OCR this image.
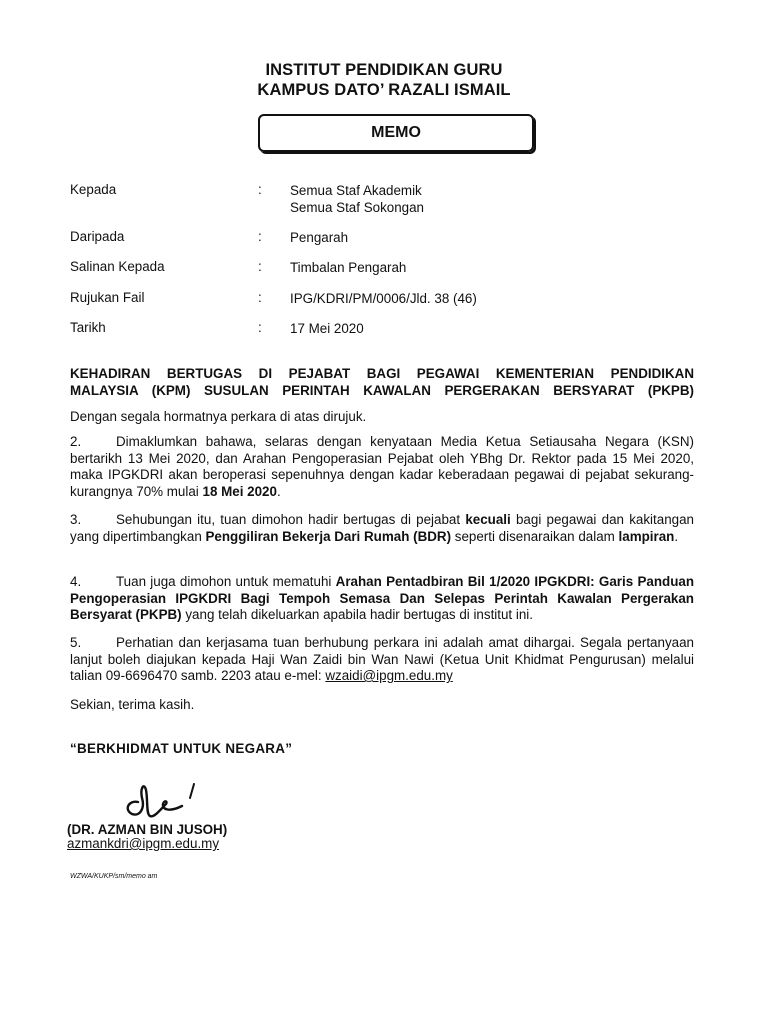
INSTITUT PENDIDIKAN GURU
KAMPUS DATO’ RAZALI ISMAIL
MEMO
Kepada	: Semua Staf Akademik
Semua Staf Sokongan
Daripada	: Pengarah
Salinan Kepada	: Timbalan Pengarah
Rujukan Fail	: IPG/KDRI/PM/0006/Jld. 38 (46)
Tarikh	: 17 Mei 2020
KEHADIRAN BERTUGAS DI PEJABAT BAGI PEGAWAI KEMENTERIAN PENDIDIKAN
MALAYSIA (KPM) SUSULAN PERINTAH KAWALAN PERGERAKAN BERSYARAT (PKPB)
Dengan segala hormatnya perkara di atas dirujuk.
2.	Dimaklumkan bahawa, selaras dengan kenyataan Media Ketua Setiausaha Negara (KSN) bertarikh 13 Mei 2020, dan Arahan Pengoperasian Pejabat oleh YBhg Dr. Rektor pada 15 Mei 2020, maka IPGKDRI akan beroperasi sepenuhnya dengan kadar keberadaan pegawai di pejabat sekurang-kurangnya 70% mulai 18 Mei 2020.
3.	Sehubungan itu, tuan dimohon hadir bertugas di pejabat kecuali bagi pegawai dan kakitangan yang dipertimbangkan Penggiliran Bekerja Dari Rumah (BDR) seperti disenaraikan dalam lampiran.
4.	Tuan juga dimohon untuk mematuhi Arahan Pentadbiran Bil 1/2020 IPGKDRI: Garis Panduan Pengoperasian IPGKDRI Bagi Tempoh Semasa Dan Selepas Perintah Kawalan Pergerakan Bersyarat (PKPB) yang telah dikeluarkan apabila hadir bertugas di institut ini.
5.	Perhatian dan kerjasama tuan berhubung perkara ini adalah amat dihargai. Segala pertanyaan lanjut boleh diajukan kepada Haji Wan Zaidi bin Wan Nawi (Ketua Unit Khidmat Pengurusan) melalui talian 09-6696470 samb. 2203 atau e-mel: wzaidi@ipgm.edu.my
Sekian, terima kasih.
“BERKHIDMAT UNTUK NEGARA”
(DR. AZMAN BIN JUSOH)
azmankdri@ipgm.edu.my
WZWA/KUKP/sm/memo am
